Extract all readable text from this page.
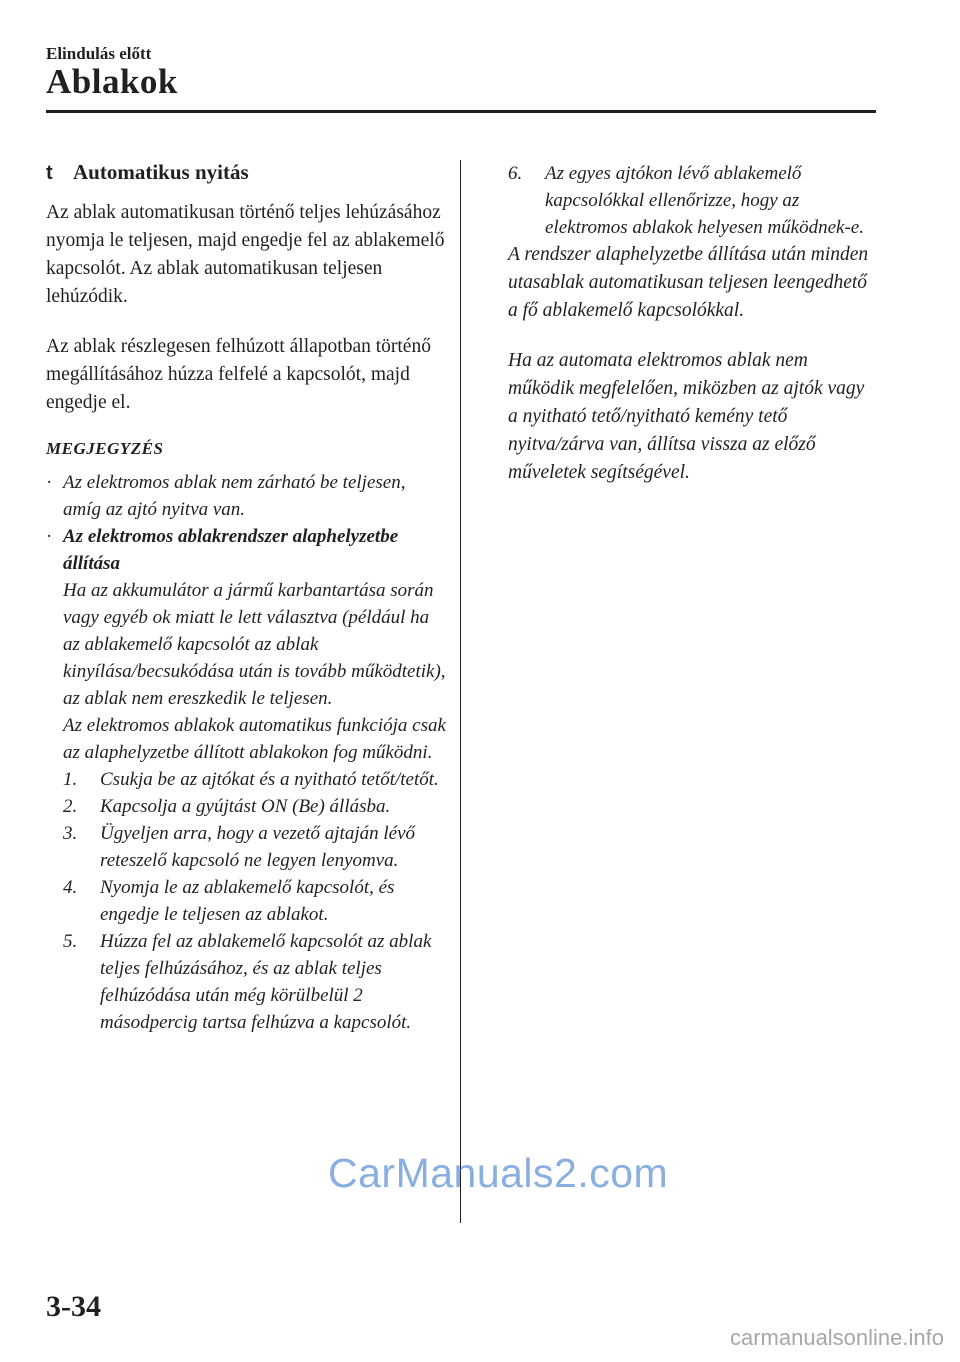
Elindulás előtt
Ablakok
t Automatikus nyitás

Az ablak automatikusan történő teljes lehúzásához nyomja le teljesen, majd engedje fel az ablakemelő kapcsolót. Az ablak automatikusan teljesen lehúzódik.

Az ablak részlegesen felhúzott állapotban történő megállításához húzza felfelé a kapcsolót, majd engedje el.

MEGJEGYZÉS
· Az elektromos ablak nem zárható be teljesen, amíg az ajtó nyitva van.
· Az elektromos ablakrendszer alaphelyzetbe állítása
Ha az akkumulátor a jármű karbantartása során vagy egyéb ok miatt le lett választva (például ha az ablakemelő kapcsolót az ablak kinyílása/becsukódása után is tovább működtetik), az ablak nem ereszkedik le teljesen.
Az elektromos ablakok automatikus funkciója csak az alaphelyzetbe állított ablakokon fog működni.
1.	Csukja be az ajtókat és a nyitható tetőt/tetőt.
2.	Kapcsolja a gyújtást ON (Be) állásba.
3.	Ügyeljen arra, hogy a vezető ajtaján lévő reteszelő kapcsoló ne legyen lenyomva.
4.	Nyomja le az ablakemelő kapcsolót, és engedje le teljesen az ablakot.
5.	Húzza fel az ablakemelő kapcsolót az ablak teljes felhúzásához, és az ablak teljes felhúzódása után még körülbelül 2 másodpercig tartsa felhúzva a kapcsolót.
6.	Az egyes ajtókon lévő ablakemelő kapcsolókkal ellenőrizze, hogy az elektromos ablakok helyesen működnek-e.

A rendszer alaphelyzetbe állítása után minden utasablak automatikusan teljesen leengedhető a fő ablakemelő kapcsolókkal.

Ha az automata elektromos ablak nem működik megfelelően, miközben az ajtók vagy a nyitható tető/nyitható kemény tető nyitva/zárva van, állítsa vissza az előző műveletek segítségével.

3-34
CarManuals2.com
carmanualsonline.info
